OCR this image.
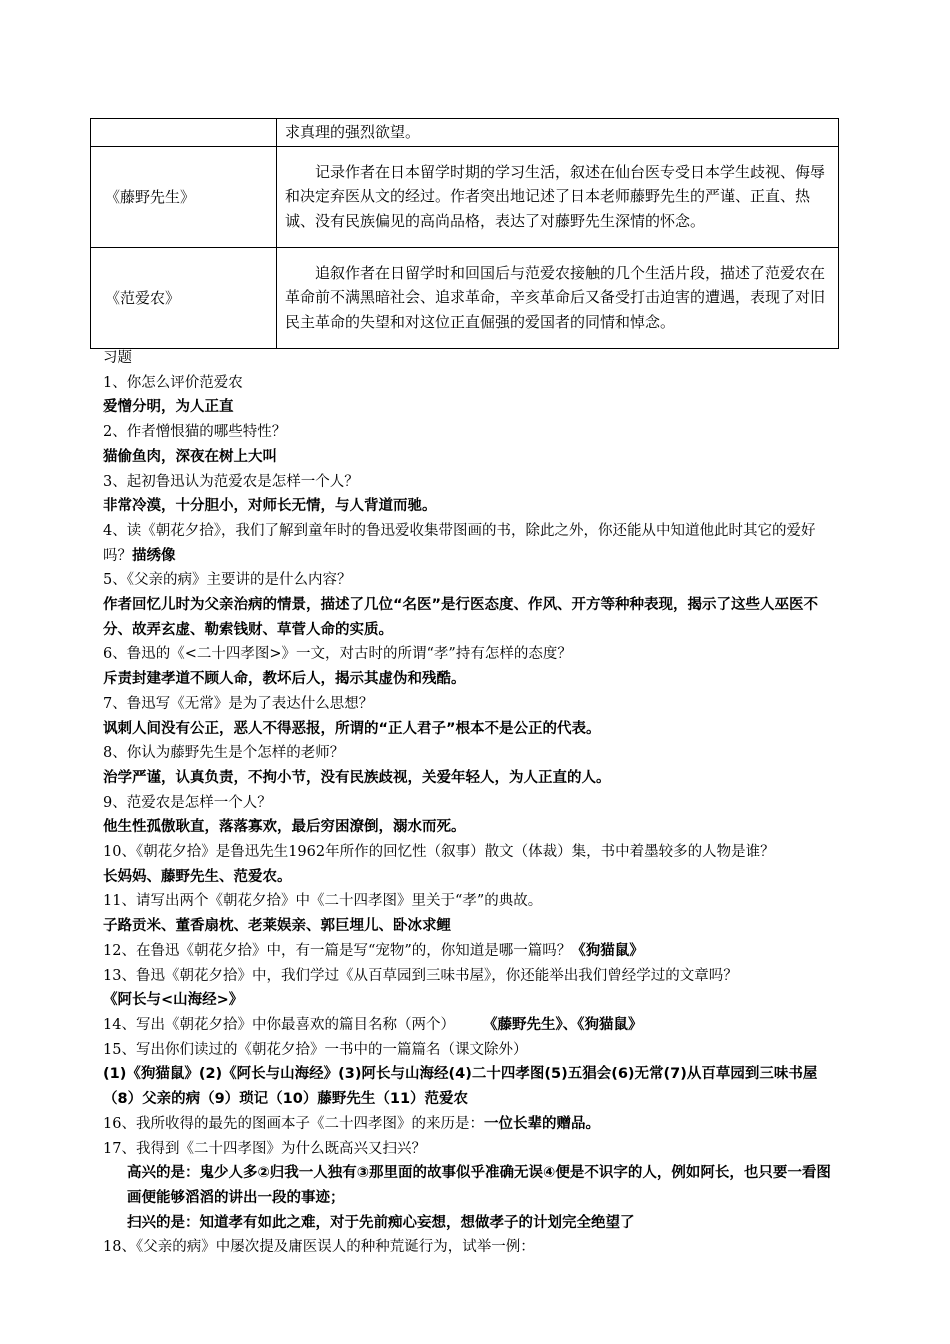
	求真理的强烈欲望。
《藤野先生》	记录作者在日本留学时期的学习生活，叙述在仙台医专受日本学生歧视、侮辱和决定弃医从文的经过。作者突出地记述了日本老师藤野先生的严谨、正直、热诚、没有民族偏见的高尚品格，表达了对藤野先生深情的怀念。
《范爱农》	追叙作者在日留学时和回国后与范爱农接触的几个生活片段，描述了范爱农在革命前不满黑暗社会、追求革命，辛亥革命后又备受打击迫害的遭遇，表现了对旧民主革命的失望和对这位正直倔强的爱国者的同情和悼念。
习题
1、你怎么评价范爱农
爱憎分明，为人正直
2、作者憎恨猫的哪些特性？
猫偷鱼肉，深夜在树上大叫
3、起初鲁迅认为范爱农是怎样一个人？
非常冷漠，十分胆小，对师长无情，与人背道而驰。
4、读《朝花夕拾》，我们了解到童年时的鲁迅爱收集带图画的书，除此之外，你还能从中知道他此时其它的爱好吗？描绣像
5、《父亲的病》主要讲的是什么内容？
作者回忆儿时为父亲治病的情景，描述了几位“名医”是行医态度、作风、开方等种种表现，揭示了这些人巫医不分、故弄玄虚、勒索钱财、草菅人命的实质。
6、鲁迅的《<二十四孝图>》一文，对古时的所谓“孝”持有怎样的态度？
斥责封建孝道不顾人命，教坏后人，揭示其虚伪和残酷。
7、鲁迅写《无常》是为了表达什么思想？
讽刺人间没有公正，恶人不得恶报，所谓的“正人君子”根本不是公正的代表。
8、你认为藤野先生是个怎样的老师？
治学严谨，认真负责，不拘小节，没有民族歧视，关爱年轻人，为人正直的人。
9、范爱农是怎样一个人？
他生性孤傲耿直，落落寡欢，最后穷困潦倒，溺水而死。
10、《朝花夕拾》是鲁迅先生1962年所作的回忆性（叙事）散文（体裁）集，书中着墨较多的人物是谁？
长妈妈、藤野先生、范爱农。
11、请写出两个《朝花夕拾》中《二十四孝图》里关于“孝”的典故。
子路贡米、董香扇枕、老莱娱亲、郭巨埋儿、卧冰求鲤
12、在鲁迅《朝花夕拾》中，有一篇是写“宠物”的，你知道是哪一篇吗？《狗猫鼠》
13、鲁迅《朝花夕拾》中，我们学过《从百草园到三味书屋》，你还能举出我们曾经学过的文章吗？
《阿长与<山海经>》
14、写出《朝花夕拾》中你最喜欢的篇目名称（两个） 《藤野先生》、《狗猫鼠》
15、写出你们读过的《朝花夕拾》一书中的一篇篇名（课文除外）
(1)《狗猫鼠》(2)《阿长与山海经》(3)阿长与山海经(4)二十四孝图(5)五猖会(6)无常(7)从百草园到三味书屋（8）父亲的病（9）琐记（10）藤野先生（11）范爱农
16、我所收得的最先的图画本子《二十四孝图》的来历是：一位长辈的赠品。
17、我得到《二十四孝图》为什么既高兴又扫兴？
高兴的是：鬼少人多②归我一人独有③那里面的故事似乎准确无误④便是不识字的人，例如阿长，也只要一看图画便能够滔滔的讲出一段的事迹；
扫兴的是：知道孝有如此之难，对于先前痴心妄想，想做孝子的计划完全绝望了
18、《父亲的病》中屡次提及庸医误人的种种荒诞行为，试举一例：
